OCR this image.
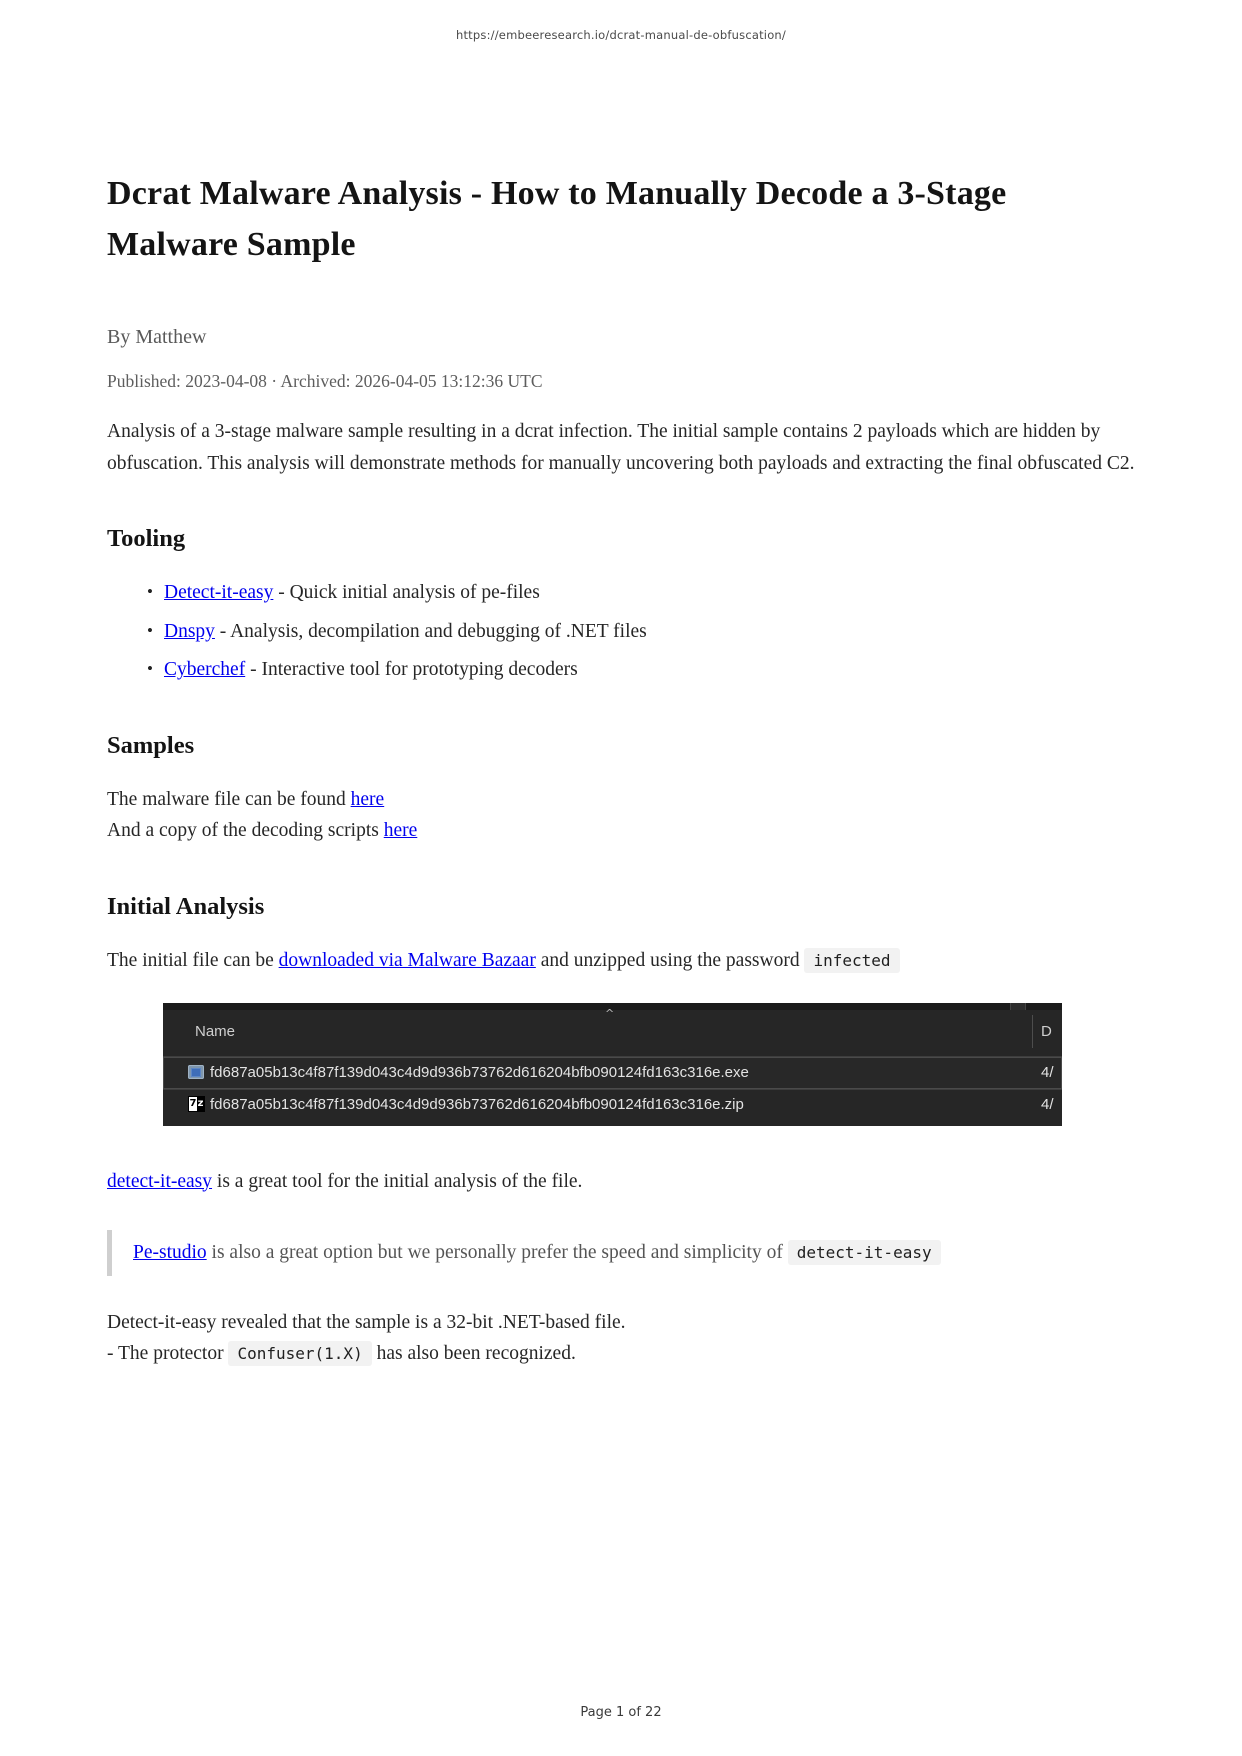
https://embeeresearch.io/dcrat-manual-de-obfuscation/
Dcrat Malware Analysis - How to Manually Decode a 3-Stage Malware Sample

By Matthew

Published: 2023-04-08 · Archived: 2026-04-05 13:12:36 UTC

Analysis of a 3-stage malware sample resulting in a dcrat infection. The initial sample contains 2 payloads which are hidden by obfuscation. This analysis will demonstrate methods for manually uncovering both payloads and extracting the final obfuscated C2.

Tooling
• Detect-it-easy - Quick initial analysis of pe-files
• Dnspy - Analysis, decompilation and debugging of .NET files
• Cyberchef - Interactive tool for prototyping decoders
Samples

The malware file can be found here
And a copy of the decoding scripts here

Initial Analysis

The initial file can be downloaded via Malware Bazaar and unzipped using the password infected

^
Name	D
fd687a05b13c4f87f139d043c4d9d936b73762d616204bfb090124fd163c316e.exe	4/
7 z fd687a05b13c4f87f139d043c4d9d936b73762d616204bfb090124fd163c316e.zip	4/

detect-it-easy is a great tool for the initial analysis of the file.

Pe-studio is also a great option but we personally prefer the speed and simplicity of detect-it-easy

Detect-it-easy revealed that the sample is a 32-bit .NET-based file.
- The protector Confuser(1.X) has also been recognized.

Page 1 of 22
